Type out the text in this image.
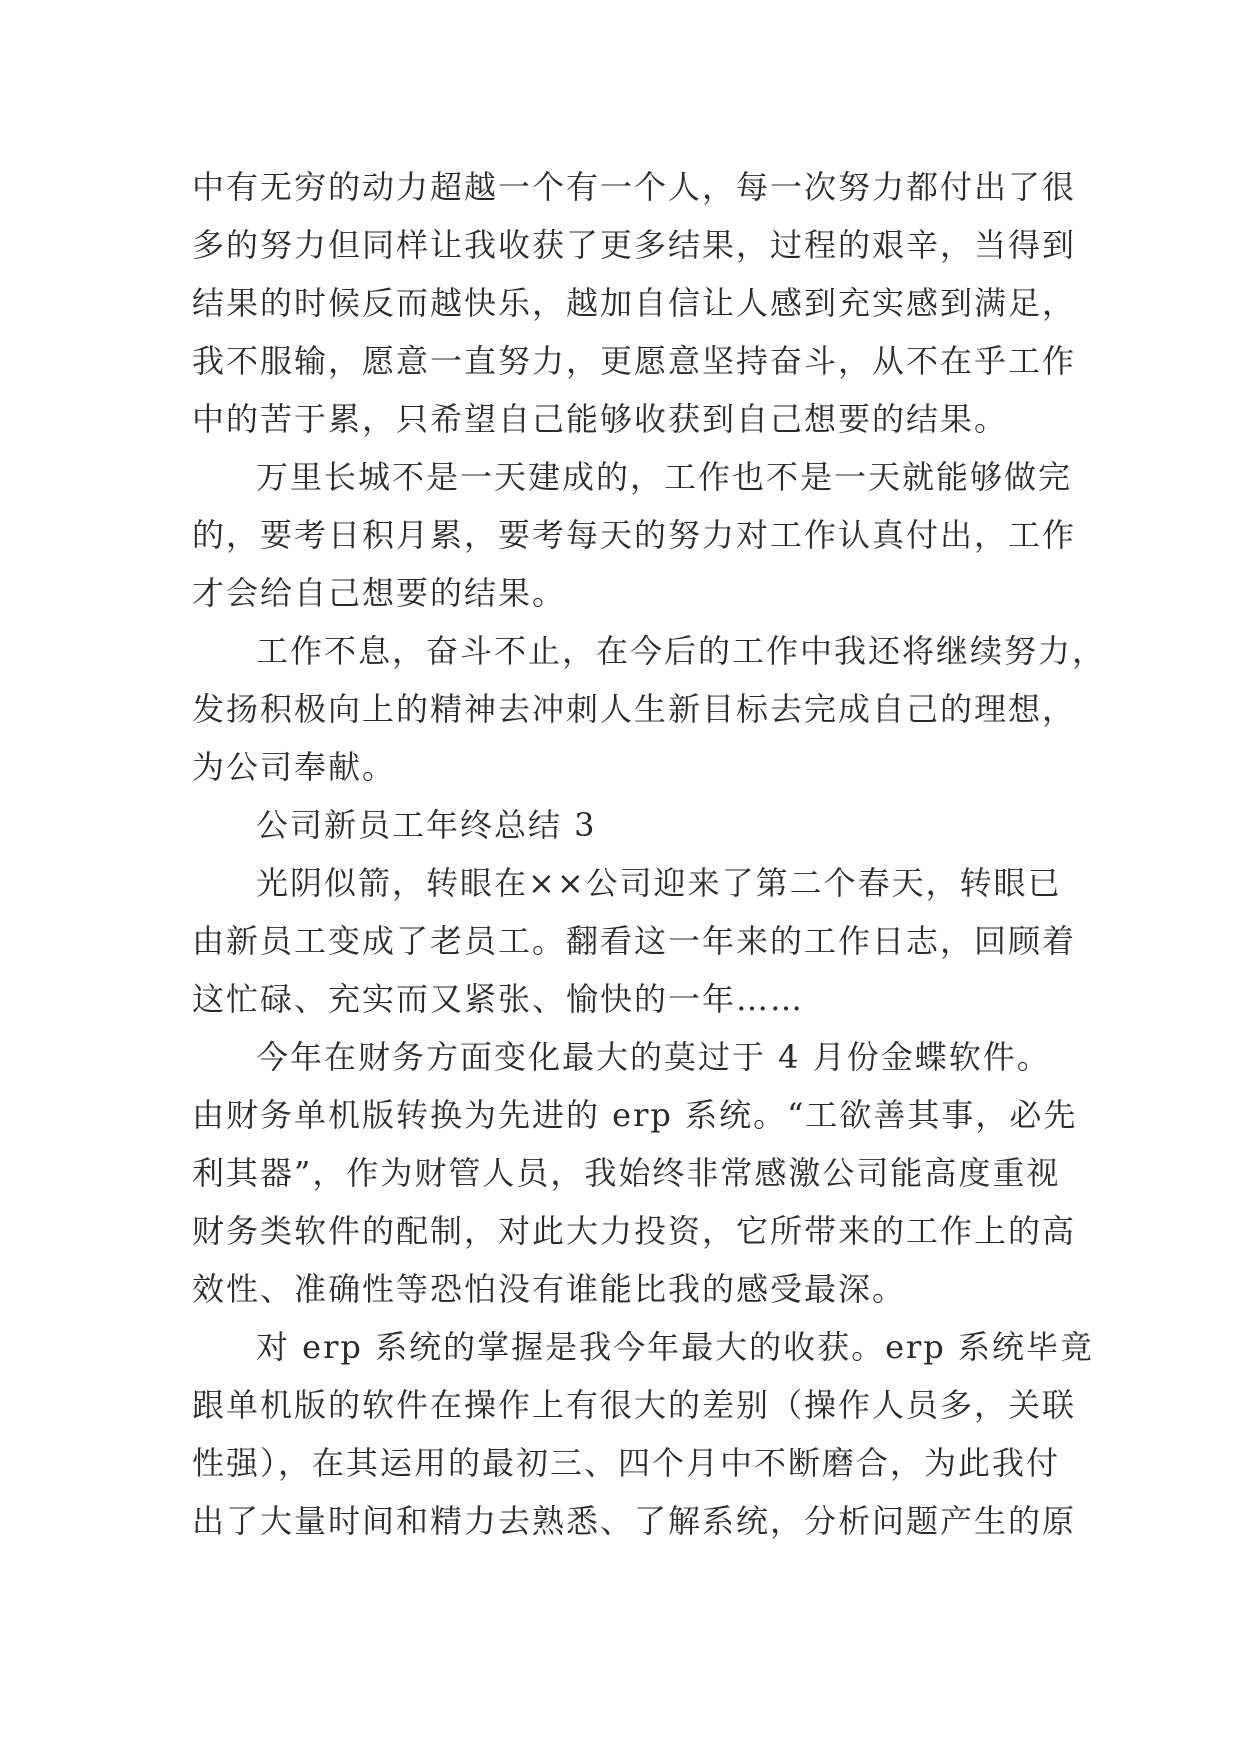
中有无穷的动力超越一个有一个人，每一次努力都付出了很
多的努力但同样让我收获了更多结果，过程的艰辛，当得到
结果的时候反而越快乐，越加自信让人感到充实感到满足，
我不服输，愿意一直努力，更愿意坚持奋斗，从不在乎工作
中的苦于累，只希望自己能够收获到自己想要的结果。

万里长城不是一天建成的，工作也不是一天就能够做完
的，要考日积月累，要考每天的努力对工作认真付出，工作
才会给自己想要的结果。

工作不息，奋斗不止，在今后的工作中我还将继续努力，
发扬积极向上的精神去冲刺人生新目标去完成自己的理想，
为公司奉献。

公司新员工年终总结 3

光阴似箭，转眼在××公司迎来了第二个春天，转眼已
由新员工变成了老员工。翻看这一年来的工作日志，回顾着
这忙碌、充实而又紧张、愉快的一年……

今年在财务方面变化最大的莫过于 4 月份金蝶软件。
由财务单机版转换为先进的 erp 系统。“工欲善其事，必先
利其器”，作为财管人员，我始终非常感激公司能高度重视
财务类软件的配制，对此大力投资，它所带来的工作上的高
效性、准确性等恐怕没有谁能比我的感受最深。

对 erp 系统的掌握是我今年最大的收获。erp 系统毕竟
跟单机版的软件在操作上有很大的差别（操作人员多，关联
性强），在其运用的最初三、四个月中不断磨合，为此我付
出了大量时间和精力去熟悉、了解系统，分析问题产生的原
